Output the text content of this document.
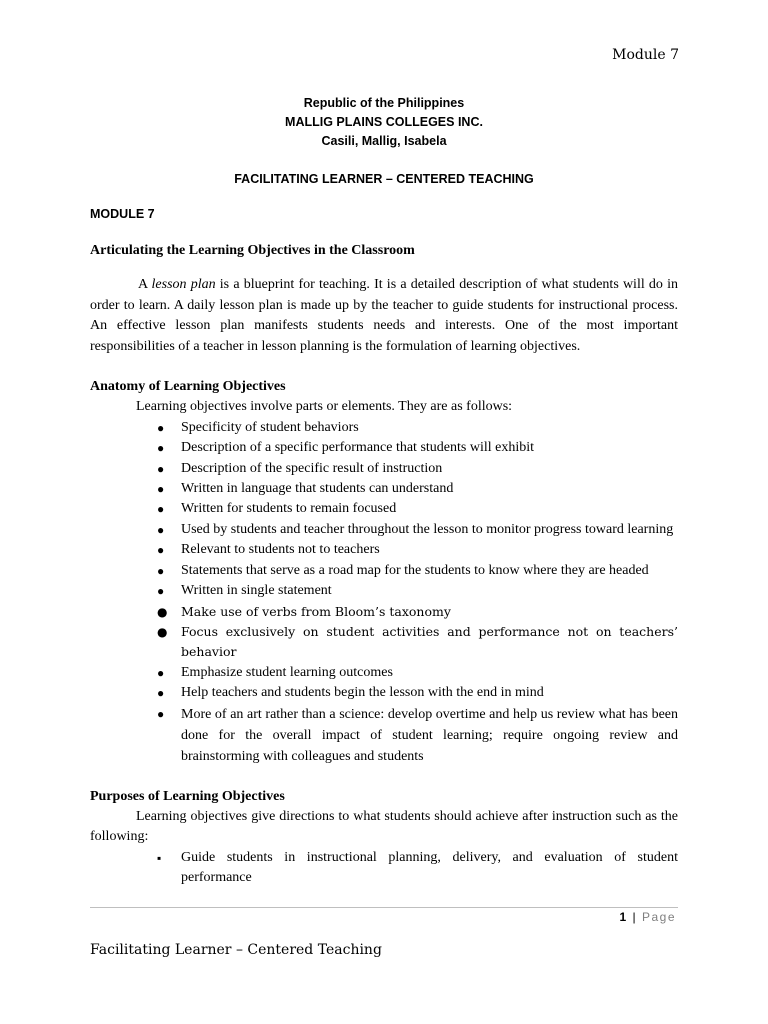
Module 7
Republic of the Philippines
MALLIG PLAINS COLLEGES INC.
Casili, Mallig, Isabela
FACILITATING LEARNER – CENTERED TEACHING
MODULE 7

Articulating the Learning Objectives in the Classroom

A lesson plan is a blueprint for teaching. It is a detailed description of what students will do in order to learn. A daily lesson plan is made up by the teacher to guide students for instructional process. An effective lesson plan manifests students needs and interests. One of the most important responsibilities of a teacher in lesson planning is the formulation of learning objectives.

Anatomy of Learning Objectives

Learning objectives involve parts or elements. They are as follows:

● Specificity of student behaviors
● Description of a specific performance that students will exhibit
● Description of the specific result of instruction
● Written in language that students can understand
● Written for students to remain focused
● Used by students and teacher throughout the lesson to monitor progress toward learning
● Relevant to students not to teachers
● Statements that serve as a road map for the students to know where they are headed
● Written in single statement
● Make use of verbs from Bloom’s taxonomy
● Focus exclusively on student activities and performance not on teachers’ behavior
● Emphasize student learning outcomes
● Help teachers and students begin the lesson with the end in mind
● More of an art rather than a science: develop overtime and help us review what has been done for the overall impact of student learning; require ongoing review and brainstorming with colleagues and students

Purposes of Learning Objectives

Learning objectives give directions to what students should achieve after instruction such as the following:

▪ Guide students in instructional planning, delivery, and evaluation of student performance
1 | Page
Facilitating Learner – Centered Teaching
